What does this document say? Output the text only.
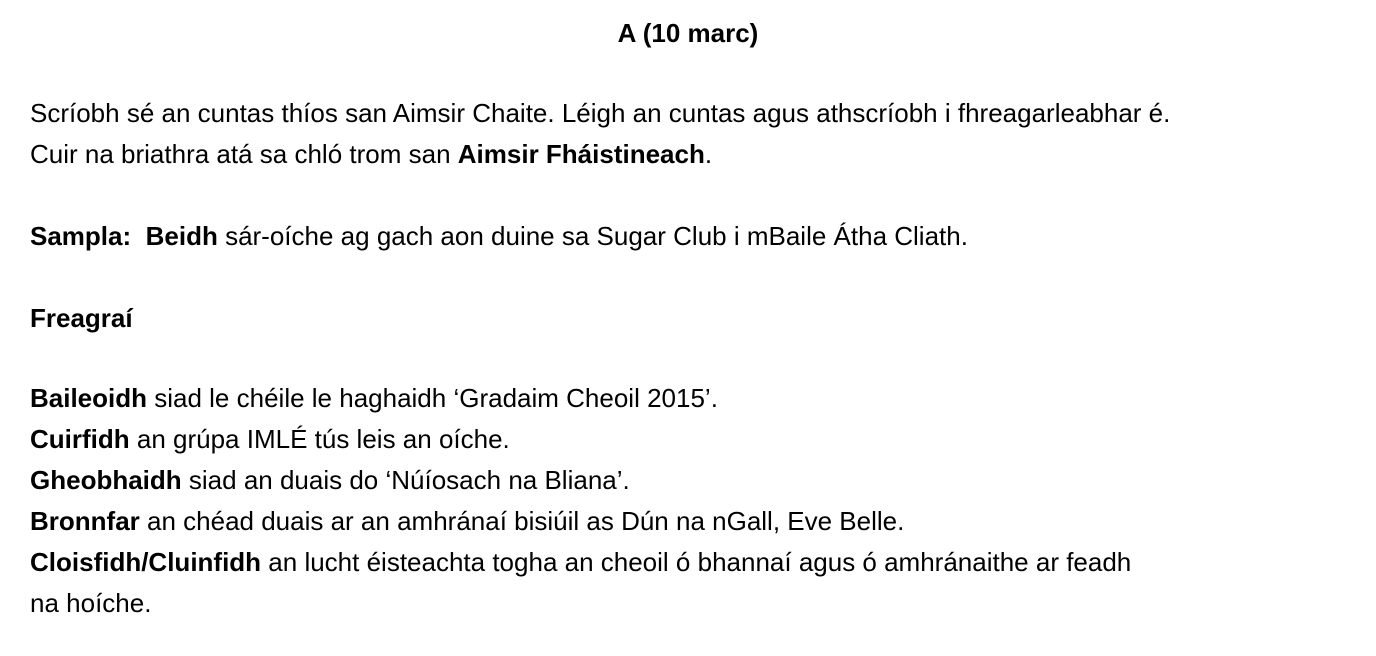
A (10 marc)

Scríobh sé an cuntas thíos san Aimsir Chaite. Léigh an cuntas agus athscríobh i fhreagarleabhar é.
Cuir na briathra atá sa chló trom san Aimsir Fháistineach.

Sampla: Beidh sár-oíche ag gach aon duine sa Sugar Club i mBaile Átha Cliath.

Freagraí

Baileoidh siad le chéile le haghaidh ‘Gradaim Cheoil 2015’.
Cuirfidh an grúpa IMLÉ tús leis an oíche.
Gheobhaidh siad an duais do ‘Núíosach na Bliana’.
Bronnfar an chéad duais ar an amhránaí bisiúil as Dún na nGall, Eve Belle.
Cloisfidh/Cluinfidh an lucht éisteachta togha an cheoil ó bhannaí agus ó amhránaithe ar feadh
na hoíche.
